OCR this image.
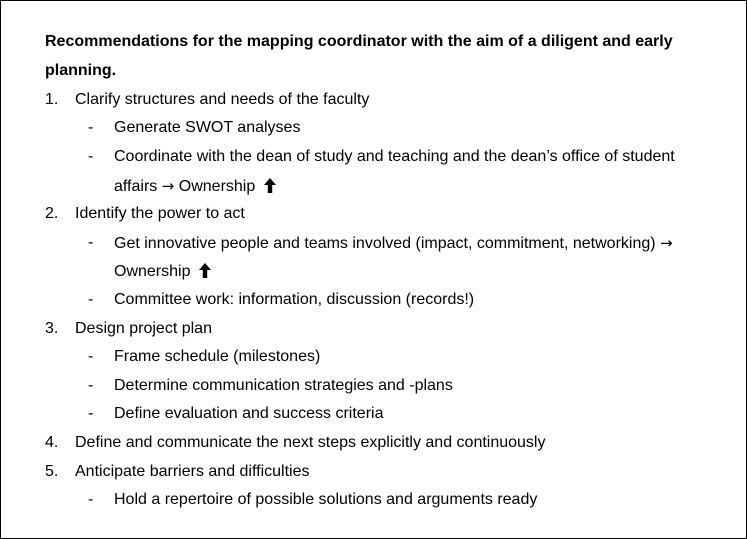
Recommendations for the mapping coordinator with the aim of a diligent and early
planning.
1. Clarify structures and needs of the faculty
- Generate SWOT analyses
- Coordinate with the dean of study and teaching and the dean’s office of student
affairs → Ownership
2. Identify the power to act
- Get innovative people and teams involved (impact, commitment, networking) →
Ownership
- Committee work: information, discussion (records!)
3. Design project plan
- Frame schedule (milestones)
- Determine communication strategies and -plans
- Define evaluation and success criteria
4. Define and communicate the next steps explicitly and continuously
5. Anticipate barriers and difficulties
- Hold a repertoire of possible solutions and arguments ready
